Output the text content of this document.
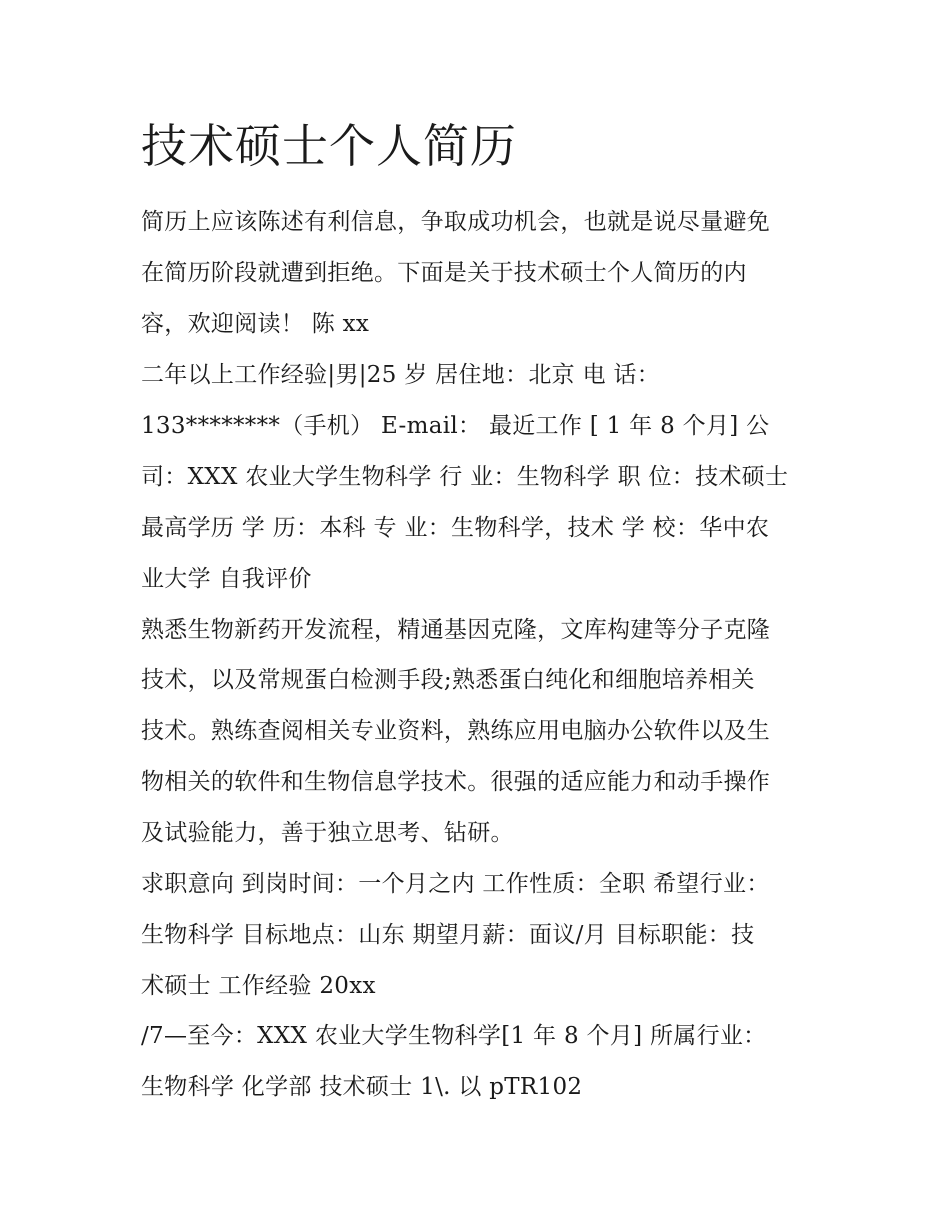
技术硕士个人简历
简历上应该陈述有利信息，争取成功机会，也就是说尽量避免
在简历阶段就遭到拒绝。下面是关于技术硕士个人简历的内
容，欢迎阅读！ 陈 xx
二年以上工作经验|男|25 岁 居住地：北京 电 话：
133********（手机） E-mail： 最近工作 [ 1 年 8 个月] 公
司：XXX 农业大学生物科学 行 业：生物科学 职 位：技术硕士
最高学历 学 历：本科 专 业：生物科学，技术 学 校：华中农
业大学 自我评价
熟悉生物新药开发流程，精通基因克隆，文库构建等分子克隆
技术，以及常规蛋白检测手段;熟悉蛋白纯化和细胞培养相关
技术。熟练查阅相关专业资料，熟练应用电脑办公软件以及生
物相关的软件和生物信息学技术。很强的适应能力和动手操作
及试验能力，善于独立思考、钻研。
求职意向 到岗时间：一个月之内 工作性质：全职 希望行业：
生物科学 目标地点：山东 期望月薪：面议/月 目标职能：技
术硕士 工作经验 20xx
/7—至今：XXX 农业大学生物科学[1 年 8 个月] 所属行业：
生物科学 化学部 技术硕士 1\. 以 pTR102
